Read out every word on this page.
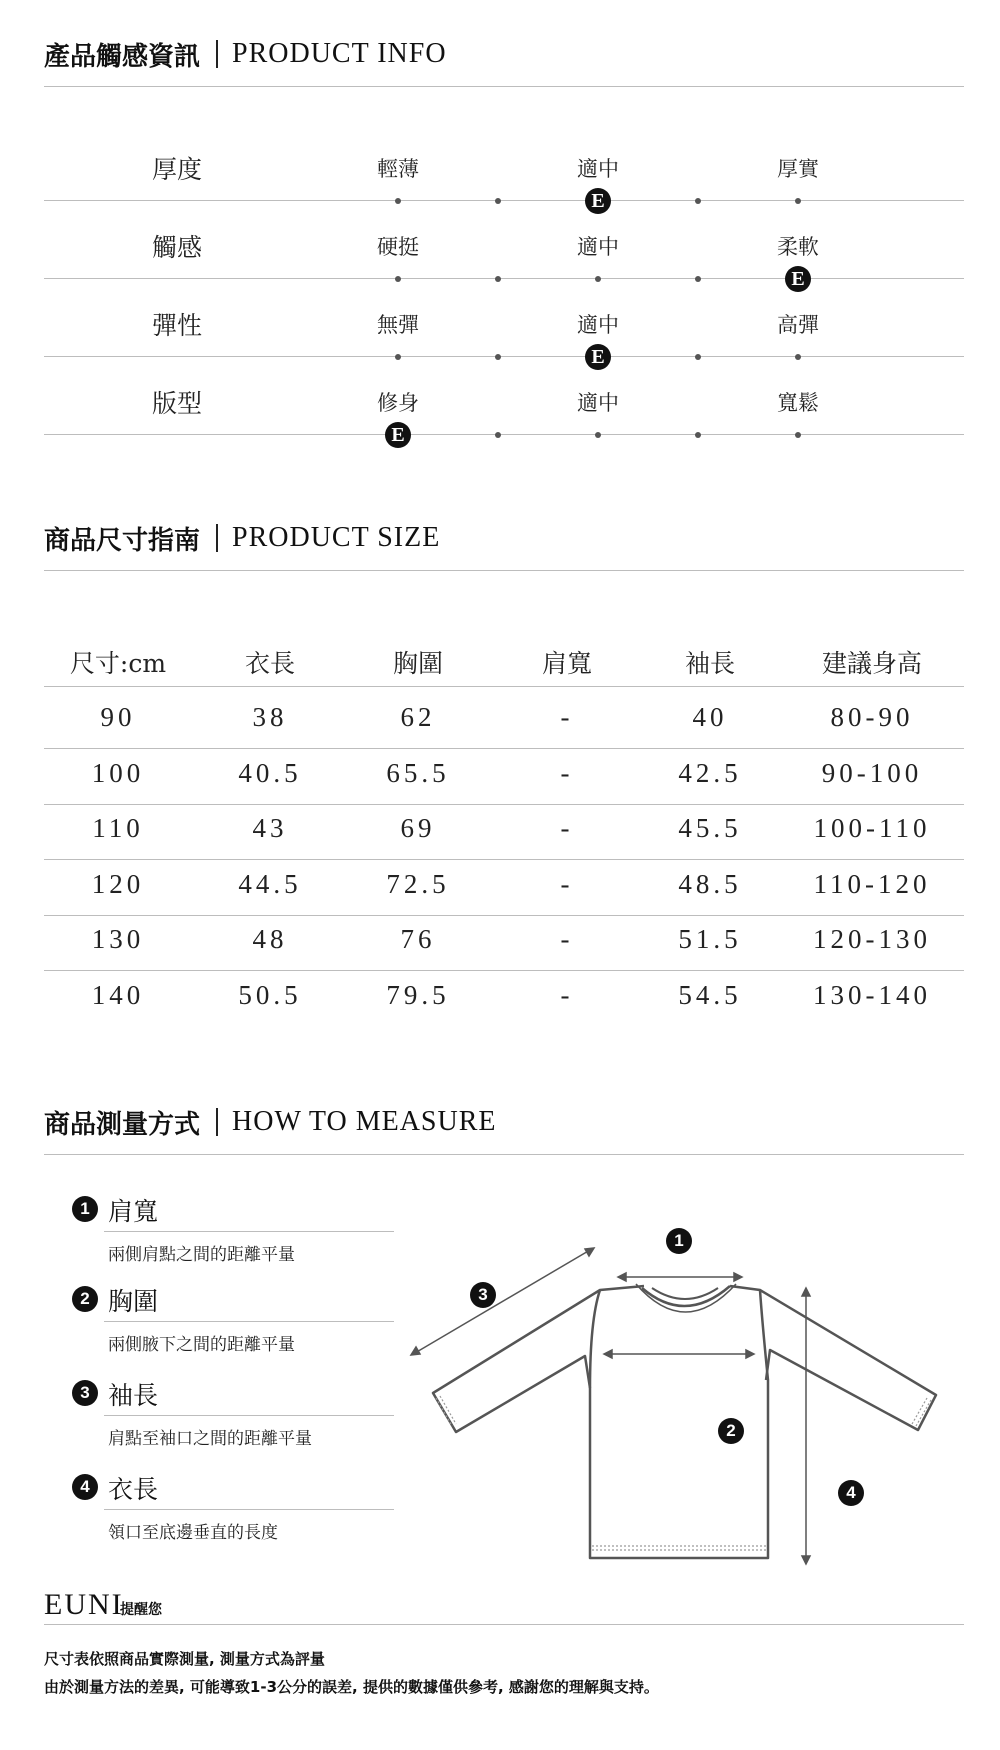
產品觸感資訊 PRODUCT INFO
厚度	輕薄	適中	厚實
E
觸感	硬挺	適中	柔軟
E
彈性	無彈	適中	高彈
E
版型	修身	適中	寬鬆
E
商品尺寸指南 PRODUCT SIZE
尺寸:cm	衣長	胸圍	肩寬	袖長	建議身高
90	38	62	-	40	80-90
100	40.5	65.5	-	42.5	90-100
110	43	69	-	45.5	100-110
120	44.5	72.5	-	48.5	110-120
130	48	76	-	51.5	120-130
140	50.5	79.5	-	54.5	130-140
商品測量方式 HOW TO MEASURE
1 肩寬
兩側肩點之間的距離平量
2 胸圍
兩側腋下之間的距離平量
3 袖長
肩點至袖口之間的距離平量
4 衣長
領口至底邊垂直的長度
1
2
3
4
EUNI
提醒您
尺寸表依照商品實際測量, 測量方式為評量
由於測量方法的差異, 可能導致1-3公分的誤差, 提供的數據僅供參考, 感謝您的理解與支持。
